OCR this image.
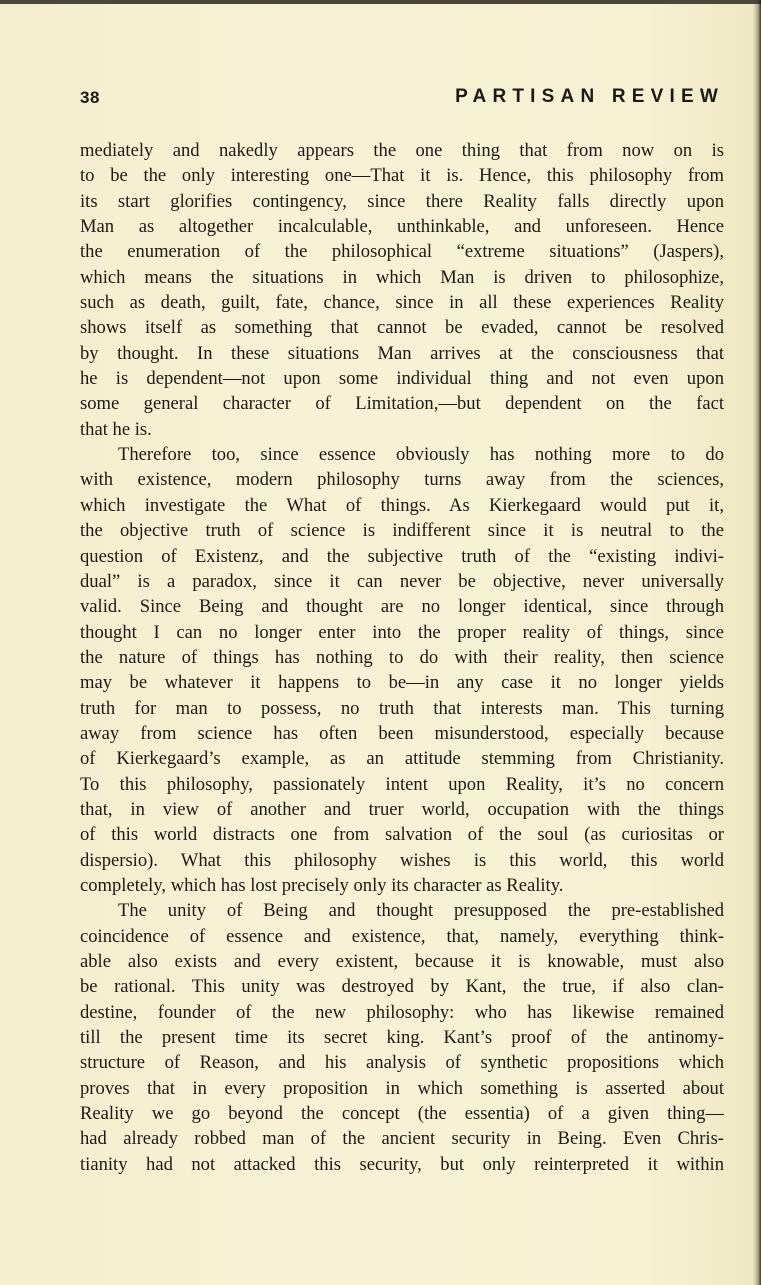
38	PARTISAN REVIEW
mediately and nakedly appears the one thing that from now on is
to be the only interesting one—That it is. Hence, this philosophy from
its start glorifies contingency, since there Reality falls directly upon
Man as altogether incalculable, unthinkable, and unforeseen. Hence
the enumeration of the philosophical “extreme situations” (Jaspers),
which means the situations in which Man is driven to philosophize,
such as death, guilt, fate, chance, since in all these experiences Reality
shows itself as something that cannot be evaded, cannot be resolved
by thought. In these situations Man arrives at the consciousness that
he is dependent—not upon some individual thing and not even upon
some general character of Limitation,—but dependent on the fact
that he is.
Therefore too, since essence obviously has nothing more to do
with existence, modern philosophy turns away from the sciences,
which investigate the What of things. As Kierkegaard would put it,
the objective truth of science is indifferent since it is neutral to the
question of Existenz, and the subjective truth of the “existing indivi-
dual” is a paradox, since it can never be objective, never universally
valid. Since Being and thought are no longer identical, since through
thought I can no longer enter into the proper reality of things, since
the nature of things has nothing to do with their reality, then science
may be whatever it happens to be—in any case it no longer yields
truth for man to possess, no truth that interests man. This turning
away from science has often been misunderstood, especially because
of Kierkegaard’s example, as an attitude stemming from Christianity.
To this philosophy, passionately intent upon Reality, it’s no concern
that, in view of another and truer world, occupation with the things
of this world distracts one from salvation of the soul (as curiositas or
dispersio). What this philosophy wishes is this world, this world
completely, which has lost precisely only its character as Reality.
The unity of Being and thought presupposed the pre-established
coincidence of essence and existence, that, namely, everything think-
able also exists and every existent, because it is knowable, must also
be rational. This unity was destroyed by Kant, the true, if also clan-
destine, founder of the new philosophy: who has likewise remained
till the present time its secret king. Kant’s proof of the antinomy-
structure of Reason, and his analysis of synthetic propositions which
proves that in every proposition in which something is asserted about
Reality we go beyond the concept (the essentia) of a given thing—
had already robbed man of the ancient security in Being. Even Chris-
tianity had not attacked this security, but only reinterpreted it within
